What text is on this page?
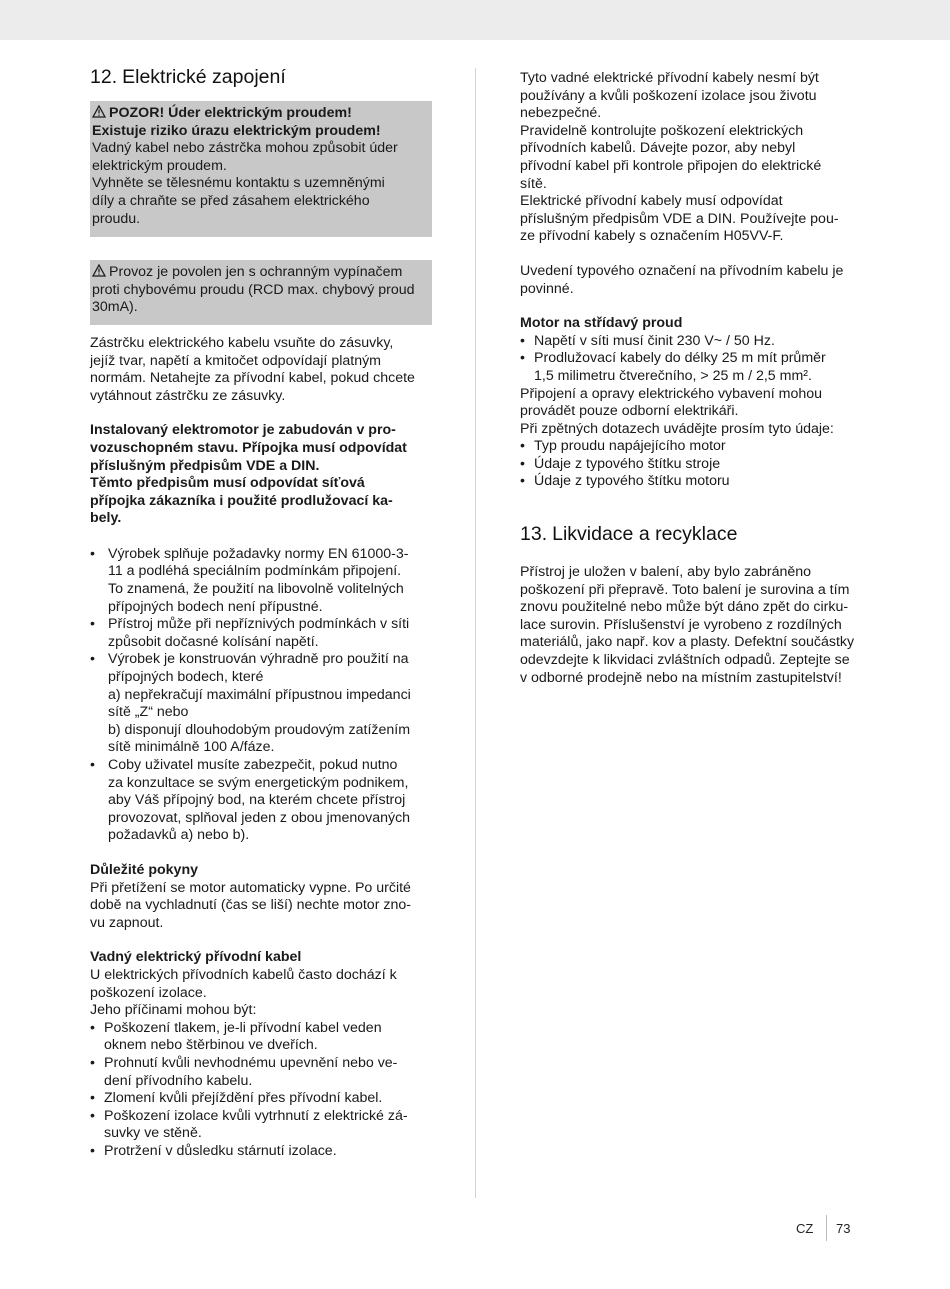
12. Elektrické zapojení
POZOR! Úder elektrickým proudem!
Existuje riziko úrazu elektrickým proudem!
Vadný kabel nebo zástrčka mohou způsobit úder
elektrickým proudem.
Vyhněte se tělesnému kontaktu s uzemněnými
díly a chraňte se před zásahem elektrického
proudu.
Provoz je povolen jen s ochranným vypínačem
proti chybovému proudu (RCD max. chybový proud
30mA).

Zástrčku elektrického kabelu vsuňte do zásuvky,
jejíž tvar, napětí a kmitočet odpovídají platným
normám. Netahejte za přívodní kabel, pokud chcete
vytáhnout zástrčku ze zásuvky.

Instalovaný elektromotor je zabudován v pro-
vozuschopném stavu. Přípojka musí odpovídat
příslušným předpisům VDE a DIN.
Těmto předpisům musí odpovídat síťová
přípojka zákazníka i použité prodlužovací ka-
bely.

• Výrobek splňuje požadavky normy EN 61000-3-
11 a podléhá speciálním podmínkám připojení.
To znamená, že použití na libovolně volitelných
přípojných bodech není přípustné.
• Přístroj může při nepříznivých podmínkách v síti
způsobit dočasné kolísání napětí.
• Výrobek je konstruován výhradně pro použití na
přípojných bodech, které
a) nepřekračují maximální přípustnou impedanci
sítě „Z“ nebo
b) disponují dlouhodobým proudovým zatížením
sítě minimálně 100 A/fáze.
• Coby uživatel musíte zabezpečit, pokud nutno
za konzultace se svým energetickým podnikem,
aby Váš přípojný bod, na kterém chcete přístroj
provozovat, splňoval jeden z obou jmenovaných
požadavků a) nebo b).

Důležité pokyny
Při přetížení se motor automaticky vypne. Po určité
době na vychladnutí (čas se liší) nechte motor zno-
vu zapnout.

Vadný elektrický přívodní kabel
U elektrických přívodních kabelů často dochází k
poškození izolace.
Jeho příčinami mohou být:

• Poškození tlakem, je-li přívodní kabel veden
oknem nebo štěrbinou ve dveřích.
• Prohnutí kvůli nevhodnému upevnění nebo ve-
dení přívodního kabelu.
• Zlomení kvůli přejíždění přes přívodní kabel.
• Poškození izolace kvůli vytrhnutí z elektrické zá-
suvky ve stěně.
• Protržení v důsledku stárnutí izolace.

Tyto vadné elektrické přívodní kabely nesmí být
používány a kvůli poškození izolace jsou životu
nebezpečné.
Pravidelně kontrolujte poškození elektrických
přívodních kabelů. Dávejte pozor, aby nebyl
přívodní kabel při kontrole připojen do elektrické
sítě.
Elektrické přívodní kabely musí odpovídat
příslušným předpisům VDE a DIN. Používejte pou-
ze přívodní kabely s označením H05VV-F.

Uvedení typového označení na přívodním kabelu je
povinné.

Motor na střídavý proud

• Napětí v síti musí činit 230 V~ / 50 Hz.
• Prodlužovací kabely do délky 25 m mít průměr
1,5 milimetru čtverečního, > 25 m / 2,5 mm².

Připojení a opravy elektrického vybavení mohou
provádět pouze odborní elektrikáři.
Při zpětných dotazech uvádějte prosím tyto údaje:

• Typ proudu napájejícího motor
• Údaje z typového štítku stroje
• Údaje z typového štítku motoru
13. Likvidace a recyklace

Přístroj je uložen v balení, aby bylo zabráněno
poškození při přepravě. Toto balení je surovina a tím
znovu použitelné nebo může být dáno zpět do cirku-
lace surovin. Příslušenství je vyrobeno z rozdílných
materiálů, jako např. kov a plasty. Defektní součástky
odevzdejte k likvidaci zvláštních odpadů. Zeptejte se
v odborné prodejně nebo na místním zastupitelství!

CZ 73
